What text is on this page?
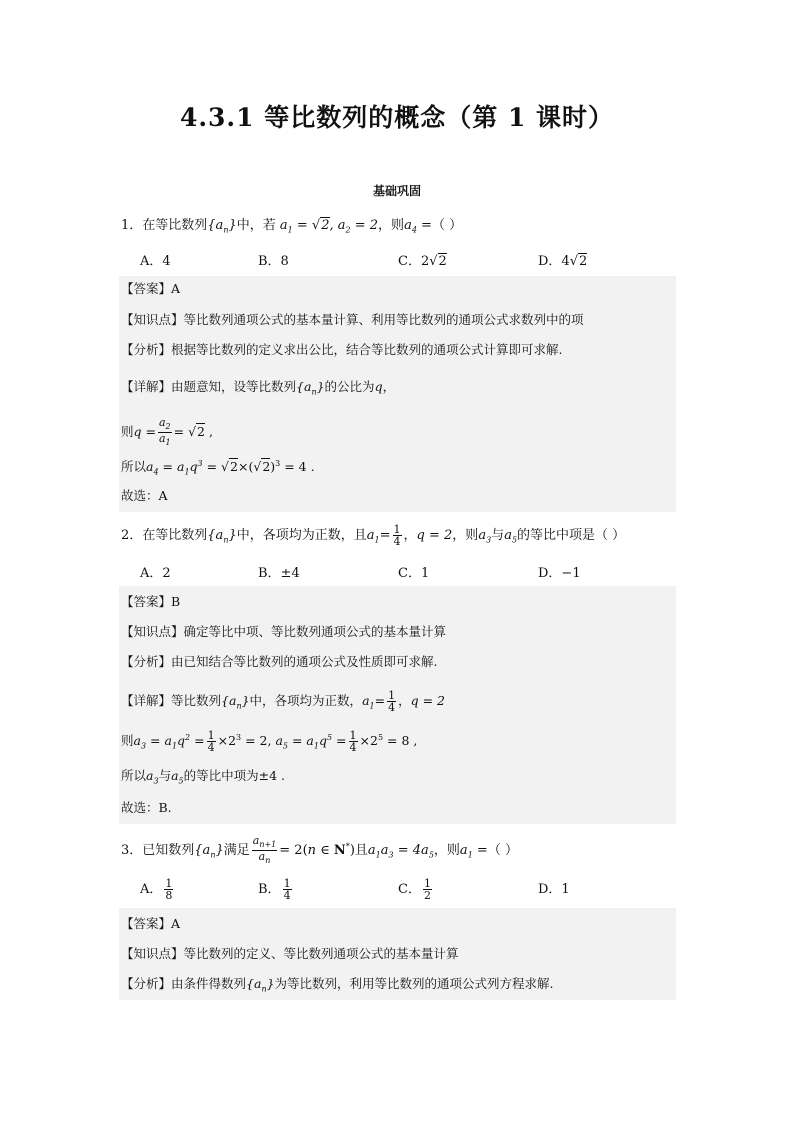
4.3.1 等比数列的概念（第 1 课时）
基础巩固
1．在等比数列$\{a_n\}$中，若 $a_1 = √2$, $a_2 = 2$，则$a_4$ =（ ）
A．4	B．8	C．2√2	D．4√2
【答案】A
【知识点】等比数列通项公式的基本量计算、利用等比数列的通项公式求数列中的项
【分析】根据等比数列的定义求出公比，结合等比数列的通项公式计算即可求解.
【详解】由题意知，设等比数列$\{a_n\}$的公比为q，
则$q = \frac{a_2}{a_1} = √2$ ,
所以$a_4 = a_1q^3 = √2\times(√2)^3 = 4$ .
故选：A
2．在等比数列$\{a_n\}$中，各项均为正数，且$a_1= \frac{1}{4}$ ，q = 2，则$a_3$与$a_5$的等比中项是（ ）
A．2	B．±4	C．1	D．−1
【答案】B
【知识点】确定等比中项、等比数列通项公式的基本量计算
【分析】由已知结合等比数列的通项公式及性质即可求解.
【详解】等比数列$\{a_n\}$中，各项均为正数，$a_1= \frac{1}{4}$ ，q = 2
则$a_3 = a_1q^2 = \frac{1}{4} \times 2^3 = 2$, $a_5 = a_1q^5 = \frac{1}{4} \times 2^5 = 8$ ,
所以$a_3$与$a_5$的等比中项为±4 .
故选：B.
3．已知数列$\{a_n\}$满足 $\frac{a_{n+1}}{a_n} = 2(n$ ∈ N*)且$a_1a_3 = 4a_5$，则$a_1$ =（ ）
A． $\frac{1}{8}$	B． $\frac{1}{4}$	C． $\frac{1}{2}$	D．1
【答案】A
【知识点】等比数列的定义、等比数列通项公式的基本量计算
【分析】由条件得数列$\{a_n\}$为等比数列，利用等比数列的通项公式列方程求解.
